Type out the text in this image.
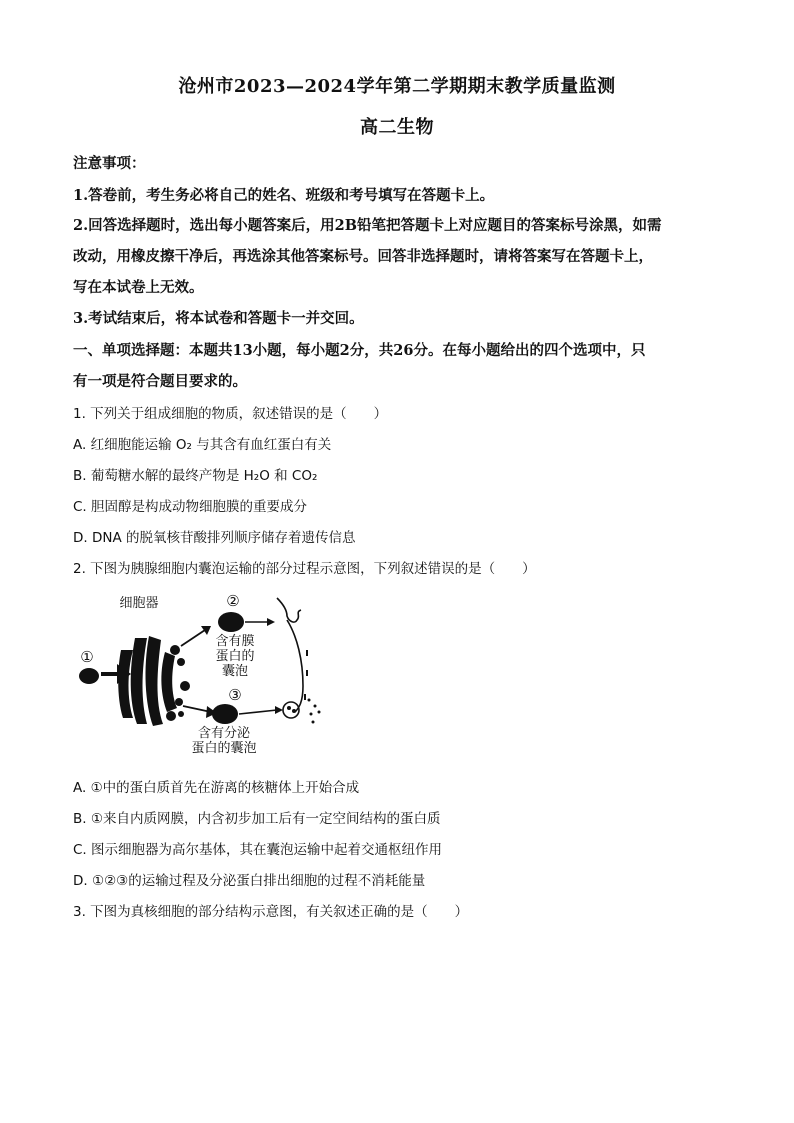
沧州市2023—2024学年第二学期期末教学质量监测
高二生物
注意事项：
1.答卷前，考生务必将自己的姓名、班级和考号填写在答题卡上。
2.回答选择题时，选出每小题答案后，用2B铅笔把答题卡上对应题目的答案标号涂黑，如需
改动，用橡皮擦干净后，再选涂其他答案标号。回答非选择题时，请将答案写在答题卡上，
写在本试卷上无效。
3.考试结束后，将本试卷和答题卡一并交回。
一、单项选择题：本题共13小题，每小题2分，共26分。在每小题给出的四个选项中，只
有一项是符合题目要求的。
1. 下列关于组成细胞的物质，叙述错误的是（　　）
A. 红细胞能运输 O₂ 与其含有血红蛋白有关
B. 葡萄糖水解的最终产物是 H₂O 和 CO₂
C. 胆固醇是构成动物细胞膜的重要成分
D. DNA 的脱氧核苷酸排列顺序储存着遗传信息
2. 下图为胰腺细胞内囊泡运输的部分过程示意图，下列叙述错误的是（　　）
细胞器
①
②
③
含有膜
蛋白的
囊泡
含有分泌
蛋白的囊泡
A. ①中的蛋白质首先在游离的核糖体上开始合成
B. ①来自内质网膜，内含初步加工后有一定空间结构的蛋白质
C. 图示细胞器为高尔基体，其在囊泡运输中起着交通枢纽作用
D. ①②③的运输过程及分泌蛋白排出细胞的过程不消耗能量
3. 下图为真核细胞的部分结构示意图，有关叙述正确的是（　　）
